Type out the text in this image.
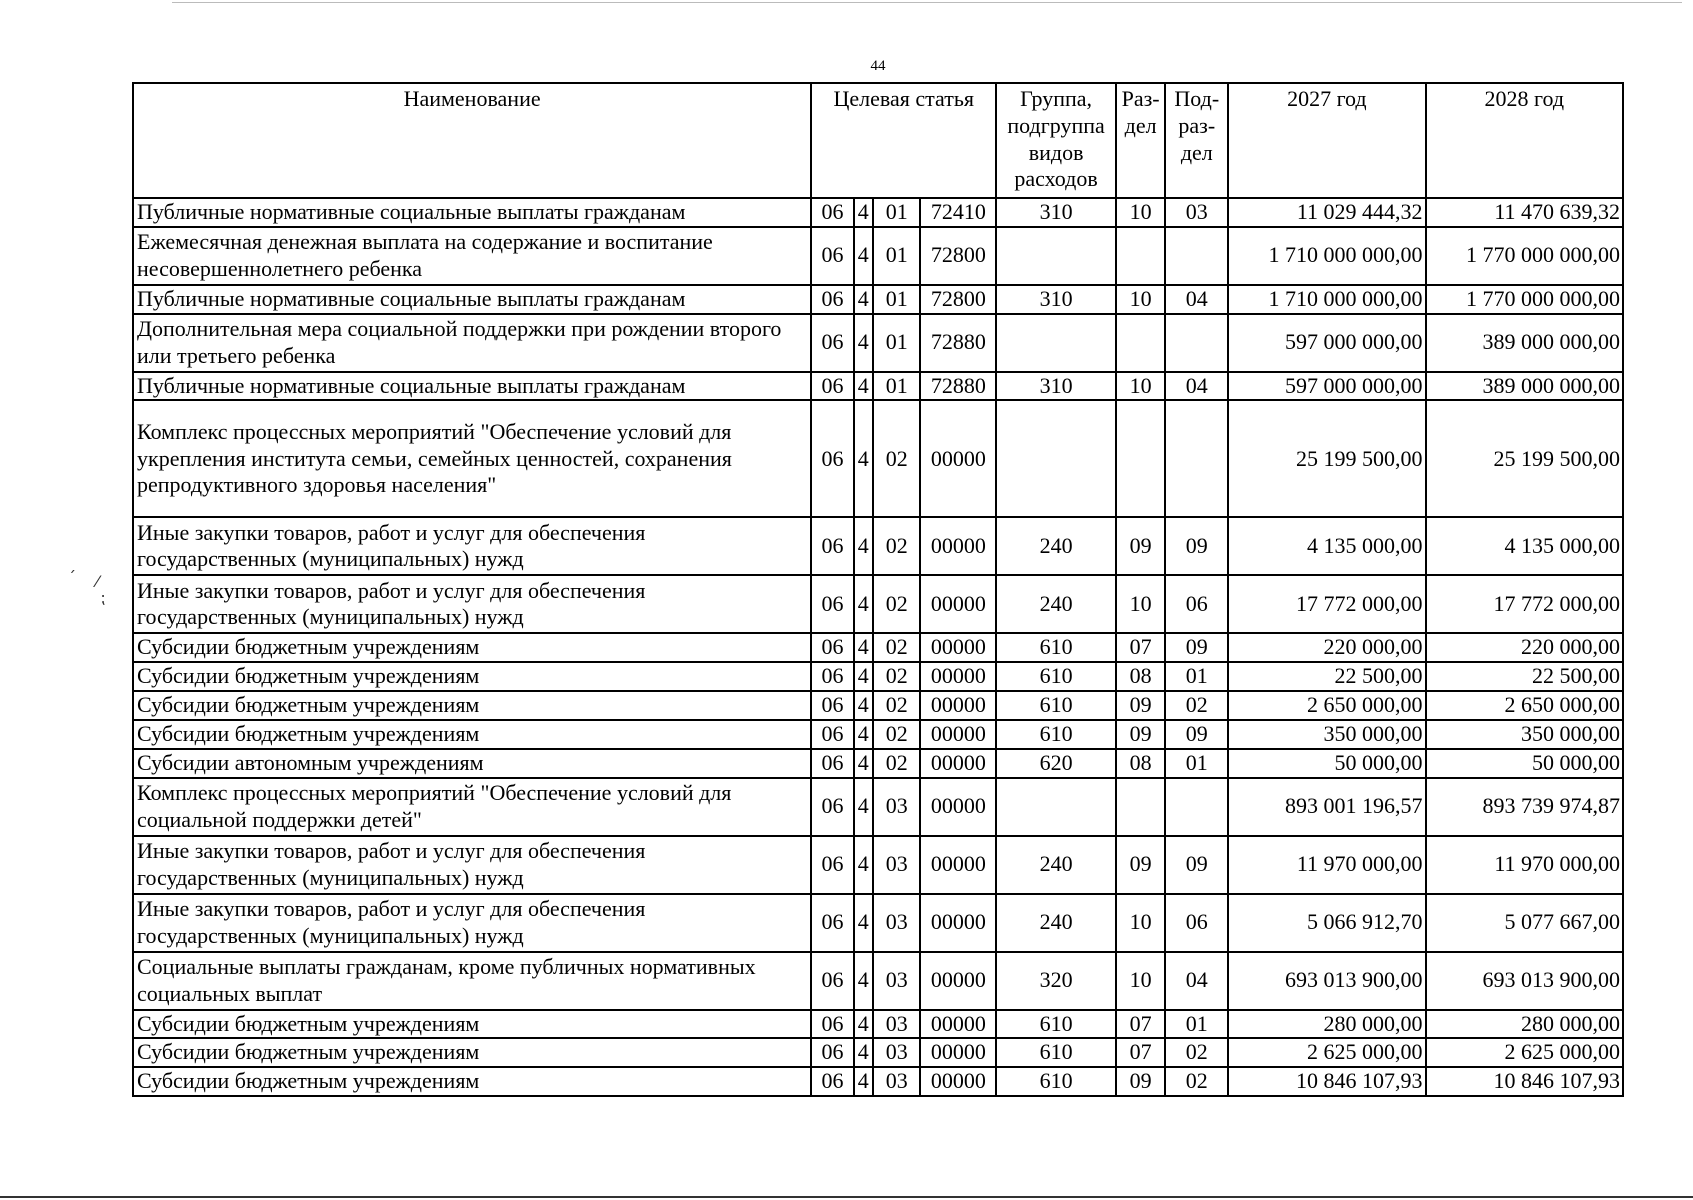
44
´ ⁄
⁏
Наименование	Целевая статья				Группа, подгруппа видов расходов	Раз- дел	Под- раз- дел	2027 год	2028 год
Публичные нормативные социальные выплаты гражданам	06	4	01	72410	310	10	03	11 029 444,32	11 470 639,32
Ежемесячная денежная выплата на содержание и воспитание несовершеннолетнего ребенка	06	4	01	72800				1 710 000 000,00	1 770 000 000,00
Публичные нормативные социальные выплаты гражданам	06	4	01	72800	310	10	04	1 710 000 000,00	1 770 000 000,00
Дополнительная мера социальной поддержки при рождении второго или третьего ребенка	06	4	01	72880				597 000 000,00	389 000 000,00
Публичные нормативные социальные выплаты гражданам	06	4	01	72880	310	10	04	597 000 000,00	389 000 000,00
Комплекс процессных мероприятий "Обеспечение условий для укрепления института семьи, семейных ценностей, сохранения репродуктивного здоровья населения"	06	4	02	00000				25 199 500,00	25 199 500,00
Иные закупки товаров, работ и услуг для обеспечения государственных (муниципальных) нужд	06	4	02	00000	240	09	09	4 135 000,00	4 135 000,00
Иные закупки товаров, работ и услуг для обеспечения государственных (муниципальных) нужд	06	4	02	00000	240	10	06	17 772 000,00	17 772 000,00
Субсидии бюджетным учреждениям	06	4	02	00000	610	07	09	220 000,00	220 000,00
Субсидии бюджетным учреждениям	06	4	02	00000	610	08	01	22 500,00	22 500,00
Субсидии бюджетным учреждениям	06	4	02	00000	610	09	02	2 650 000,00	2 650 000,00
Субсидии бюджетным учреждениям	06	4	02	00000	610	09	09	350 000,00	350 000,00
Субсидии автономным учреждениям	06	4	02	00000	620	08	01	50 000,00	50 000,00
Комплекс процессных мероприятий "Обеспечение условий для социальной поддержки детей"	06	4	03	00000				893 001 196,57	893 739 974,87
Иные закупки товаров, работ и услуг для обеспечения государственных (муниципальных) нужд	06	4	03	00000	240	09	09	11 970 000,00	11 970 000,00
Иные закупки товаров, работ и услуг для обеспечения государственных (муниципальных) нужд	06	4	03	00000	240	10	06	5 066 912,70	5 077 667,00
Социальные выплаты гражданам, кроме публичных нормативных социальных выплат	06	4	03	00000	320	10	04	693 013 900,00	693 013 900,00
Субсидии бюджетным учреждениям	06	4	03	00000	610	07	01	280 000,00	280 000,00
Субсидии бюджетным учреждениям	06	4	03	00000	610	07	02	2 625 000,00	2 625 000,00
Субсидии бюджетным учреждениям	06	4	03	00000	610	09	02	10 846 107,93	10 846 107,93
